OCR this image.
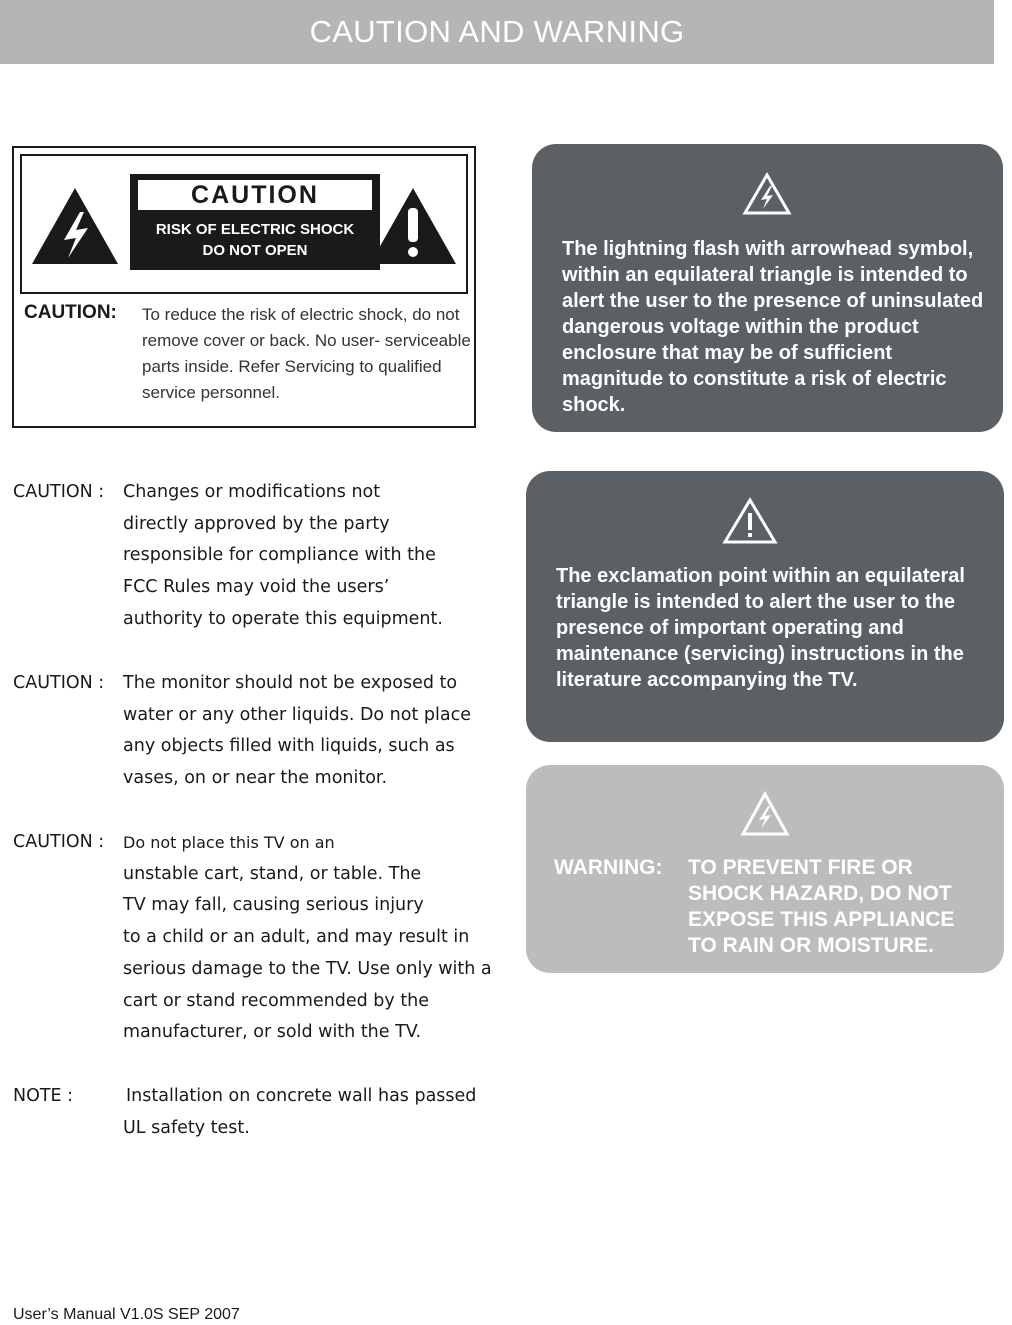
CAUTION AND WARNING
CAUTION
RISK OF ELECTRIC SHOCK
DO NOT OPEN
CAUTION: To reduce the risk of electric shock, do not remove cover or back. No user- serviceable parts inside. Refer Servicing to qualified service personnel.
The lightning flash with arrowhead symbol, within an equilateral triangle is intended to alert the user to the presence of uninsulated dangerous voltage within the product enclosure that may be of sufficient magnitude to constitute a risk of electric shock.
The exclamation point within an equilateral triangle is intended to alert the user to the presence of important operating and maintenance (servicing) instructions in the literature accompanying the TV.
WARNING: TO PREVENT FIRE OR SHOCK HAZARD, DO NOT EXPOSE THIS APPLIANCE TO RAIN OR MOISTURE.
CAUTION : Changes or modifications not
directly approved by the party
responsible for compliance with the
FCC Rules may void the users’
authority to operate this equipment.
CAUTION : The monitor should not be exposed to
water or any other liquids. Do not place
any objects filled with liquids, such as
vases, on or near the monitor.
CAUTION : Do not place this TV on an
unstable cart, stand, or table. The
TV may fall, causing serious injury
to a child or an adult, and may result in
serious damage to the TV. Use only with a
cart or stand recommended by the
manufacturer, or sold with the TV.
NOTE :	Installation on concrete wall has passed
UL safety test.
User’s Manual V1.0S SEP 2007
